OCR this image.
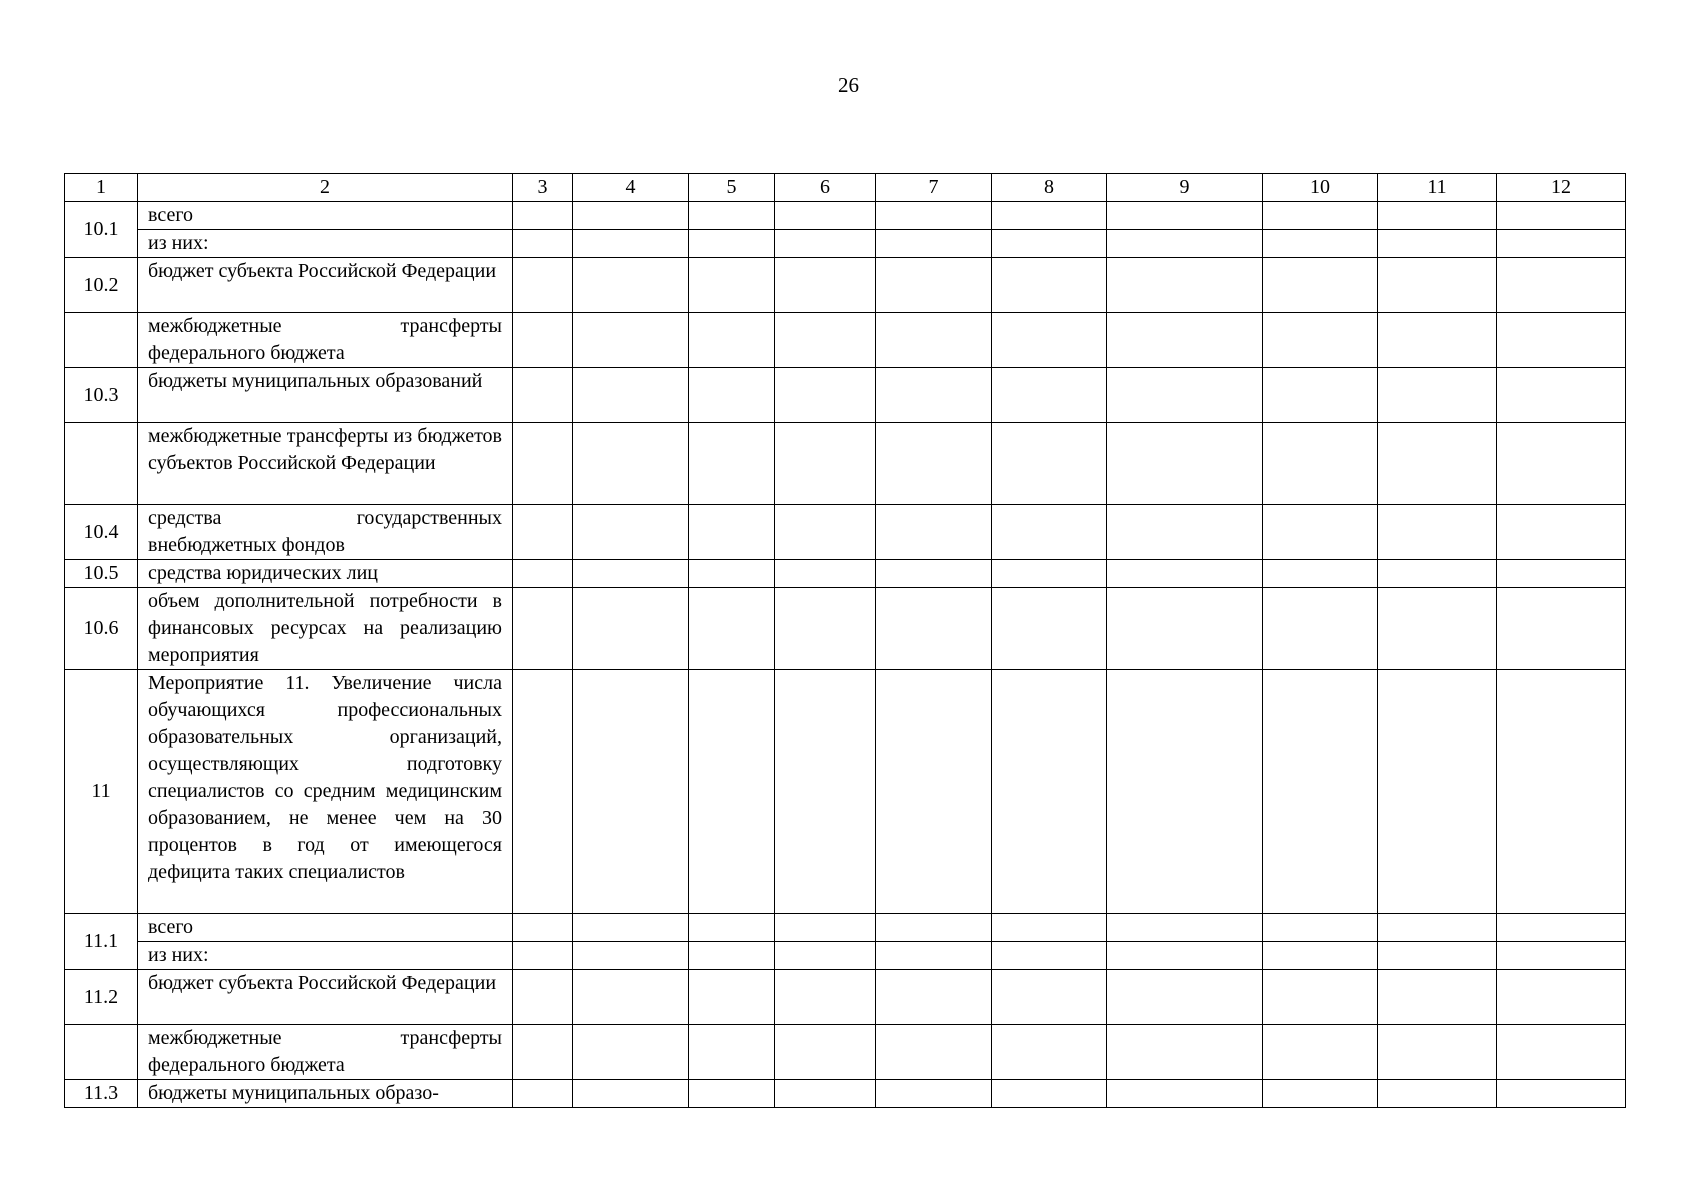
26
1	2	3	4	5	6	7	8	9	10	11	12
10.1	всего										
	из них:										
10.2	бюджет субъекта Российской Федерации										
	межбюджетные трансферты федерального бюджета										
10.3	бюджеты муниципальных образований										
	межбюджетные трансферты из бюджетов субъектов Российской Федерации										
10.4	средства государственных внебюджетных фондов										
10.5	средства юридических лиц										
10.6	объем дополнительной потребности в финансовых ресурсах на реализацию мероприятия										
11	Мероприятие 11. Увеличение числа обучающихся профессиональных образовательных организаций, осуществляющих подготовку специалистов со средним медицинским образованием, не менее чем на 30 процентов в год от имеющегося дефицита таких специалистов										
11.1	всего										
	из них:										
11.2	бюджет субъекта Российской Федерации										
	межбюджетные трансферты федерального бюджета										
11.3	бюджеты муниципальных образо-										
